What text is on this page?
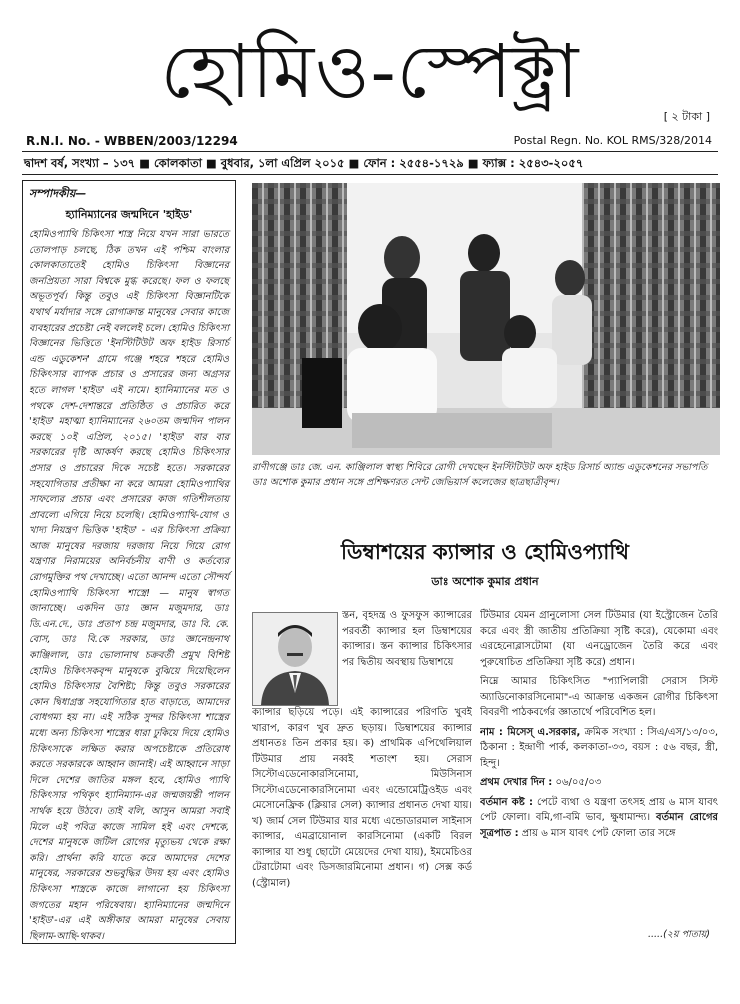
হোমিও-স্পেক্ট্রা
[ ২ টাকা ]
R.N.I. No. - WBBEN/2003/12294	Postal Regn. No. KOL RMS/328/2014
দ্বাদশ বর্ষ, সংখ্যা – ১৩৭ ■ কোলকাতা ■ বুধবার, ১লা এপ্রিল ২০১৫ ■ ফোন : ২৫৫৪-১৭২৯ ■ ফ্যাক্স : ২৫৪৩-২০৫৭
সম্পাদকীয়—
হ্যানিম্যানের জন্মদিনে 'হাইড'

হোমিওপ্যাথি চিকিৎসা শাস্ত্র নিয়ে যখন সারা ভারতে তোলপাড় চলছে, ঠিক তখন এই পশ্চিম বাংলার কোলকাতাতেই হোমিও চিকিৎসা বিজ্ঞানের জনপ্রিয়তা সারা বিশ্বকে মুগ্ধ করেছে। ফল ও ফলছে অভূতপূর্ব। কিন্তু তবুও এই চিকিৎসা বিজ্ঞানটিকে যথার্থ মর্যাদার সঙ্গে রোগাক্রান্ত মানুষের সেবার কাজে ব্যবহারের প্রচেষ্টা নেই বললেই চলে। হোমিও চিকিৎসা বিজ্ঞানের ভিত্তিতে 'ইনস্টিটিউট অফ হাইড রিসার্চ এন্ড এডুকেশন' গ্রামে গঞ্জে শহরে শহরে হোমিও চিকিৎসার ব্যাপক প্রচার ও প্রসারের জন্য অগ্রসর হতে লাগল 'হাইড' এই নামে। হ্যানিম্যানের মত ও পথকে দেশ-দেশান্তরে প্রতিষ্ঠিত ও প্রচারিত করে 'হাইড' মহাত্মা হ্যানিম্যানের ২৬০তম জন্মদিন পালন করছে ১০ই এপ্রিল, ২০১৫। 'হাইড' বার বার সরকারের দৃষ্টি আকর্ষণ করছে হোমিও চিকিৎসার প্রসার ও প্রচারের দিকে সচেষ্ট হতে। সরকারের সহযোগিতার প্রতীক্ষা না করে আমরা হোমিওপ্যাথির সাফল্যের প্রচার এবং প্রসারের কাজ গতিশীলতায় প্রাবল্যে এগিয়ে নিয়ে চলেছি। হোমিওপ্যাথি-যোগ ও খাদ্য নিয়ন্ত্রণ ভিত্তিক 'হাইড' - এর চিকিৎসা প্রক্রিয়া আজ মানুষের দরজায় দরজায় নিয়ে গিয়ে রোগ যন্ত্রণার নিরাময়ের অনির্বচনীয় বাণী ও কর্তব্যের রোগমুক্তির পথ দেখাচ্ছে। এতো আনন্দ এতো সৌন্দর্য হোমিওপ্যাথি চিকিৎসা শাস্ত্রে! — মানুষ স্বাগত জানাচ্ছে। একদিন ডাঃ জ্ঞান মজুমদার, ডাঃ ডি.এন.দে., ডাঃ প্রতাপ চন্দ্র মজুমদার, ডাঃ বি. কে. বোস, ডাঃ বি.কে সরকার, ডাঃ জ্ঞানেন্দ্রনাথ কাঞ্জিলাল, ডাঃ ভোলানাথ চক্রবর্তী প্রমুখ বিশিষ্ট হোমিও চিকিৎসকবৃন্দ মানুষকে বুঝিয়ে দিয়েছিলেন হোমিও চিকিৎসার বৈশিষ্ট্য; কিন্তু তবুও সরকারের কোন দ্বিধাগ্রস্ত সহযোগিতার হাত বাড়াতে, আমাদের বোধগম্য হয় না। এই সঠিক সুন্দর চিকিৎসা শাস্ত্রের মধ্যে অন্য চিকিৎসা শাস্ত্রের ধারা ঢুকিয়ে দিয়ে হোমিও চিকিৎসাকে লক্ষিত করার অপচেষ্টাকে প্রতিরোধ করতে সরকারকে আহ্বান জানাই। এই আহ্বানে সাড়া দিলে দেশের জাতির মঙ্গল হবে, হোমিও প্যাথি চিকিৎসার পথিকৃৎ হ্যানিম্যান-এর জন্মজয়ন্তী পালন সার্থক হয়ে উঠবে। তাই বলি, আসুন আমরা সবাই মিলে এই পবিত্র কাজে সামিল হই এবং দেশকে, দেশের মানুষকে জটিল রোগের মৃত্যুভয় থেকে রক্ষা করি। প্রার্থনা করি যাতে করে আমাদের দেশের মানুষের, সরকারের শুভবুদ্ধির উদয় হয় এবং হোমিও চিকিৎসা শাস্ত্রকে কাজে লাগানো হয় চিকিৎসা জগতের মহান পরিষেবায়। হ্যানিম্যানের জন্মদিনে 'হাইড'-এর এই অঙ্গীকার আমরা মানুষের সেবায় ছিলাম-আছি-থাকব।

রাণীগঞ্জে ডাঃ জে. এন. কাঞ্জিলাল স্বাস্থ্য শিবিরে রোগী দেখছেন ইনস্টিটিউট অফ হাইড রিসার্চ অ্যান্ড এডুকেশনের সভাপতি ডাঃ অশোক কুমার প্রধান সঙ্গে প্রশিক্ষণরত সেন্ট জেভিয়ার্স কলেজের ছাত্রছাত্রীবৃন্দ।
ডিম্বাশয়ের ক্যান্সার ও হোমিওপ্যাথি
ডাঃ অশোক কুমার প্রধান

স্তন, বৃহদন্ত্র ও ফুসফুস ক্যান্সারের পরবর্তী ক্যান্সার হল ডিম্বাশয়ের ক্যান্সার। স্তন ক্যান্সার চিকিৎসার পর দ্বিতীয় অবস্থায় ডিম্বাশয়ে

ক্যান্সার ছড়িয়ে পড়ে। এই ক্যান্সারের পরিণতি খুবই খারাপ, কারণ খুব দ্রুত ছড়ায়। ডিম্বাশয়ের ক্যান্সার প্রধানতঃ তিন প্রকার হয়। ক) প্রাথমিক এপিথেলিয়াল টিউমার প্রায় নব্বই শতাংশ হয়। সেরাস সিস্টোএডেনোকারসিনোমা, মিউসিনাস সিস্টোএডেনোকারসিনোমা এবং এন্ডোমেট্রিওইড এবং মেসোনেফ্রিক (ক্লিয়ার সেল) ক্যান্সার প্রধানত দেখা যায়। খ) জার্ম সেল টিউমার যার মধ্যে এন্ডোডারমাল সাইনাস ক্যান্সার, এমব্রায়োনাল কারসিনোমা (একটি বিরল ক্যান্সার যা শুধু ছোটো মেয়েদের দেখা যায়), ইমমেচিওর টেরাটোমা এবং ডিসজারমিনোমা প্রধান। গ) সেক্স কর্ড (স্ট্রোমাল)

টিউমার যেমন গ্রানুলোসা সেল টিউমার (যা ইস্ট্রোজেন তৈরি করে এবং স্ত্রী জাতীয় প্রতিক্রিয়া সৃষ্টি করে), যেকোমা এবং এরহেনোব্লাসটোমা (যা এনড্রোজেন তৈরি করে এবং পুরুষোচিত প্রতিক্রিয়া সৃষ্টি করে) প্রধান।

নিম্নে আমার চিকিৎসিত "প্যাপিলারী সেরাস সিস্ট অ্যাডিনোকারসিনোমা"-এ আক্রান্ত একজন রোগীর চিকিৎসা বিবরণী পাঠকবর্গের জ্ঞাতার্থে পরিবেশিত হল।

নাম : মিসেস্ এ.সরকার, ক্রমিক সংখ্যা : সিএ/এস/১৩/০৩, ঠিকানা : ইন্দ্রাণী পার্ক, কলকাতা-৩৩, বয়স : ৫৬ বছর, স্ত্রী, হিন্দু।

প্রথম দেখার দিন : ০৬/০৫/০৩

বর্তমান কষ্ট : পেটে ব্যথা ও যন্ত্রণা তৎসহ প্রায় ৬ মাস যাবৎ পেট ফোলা। বমি,গা-বমি ভাব, ক্ষুধামান্দ্য। বর্তমান রোগের সূত্রপাত : প্রায় ৬ মাস যাবৎ পেট ফোলা তার সঙ্গে

.....(২য় পাতায়)
